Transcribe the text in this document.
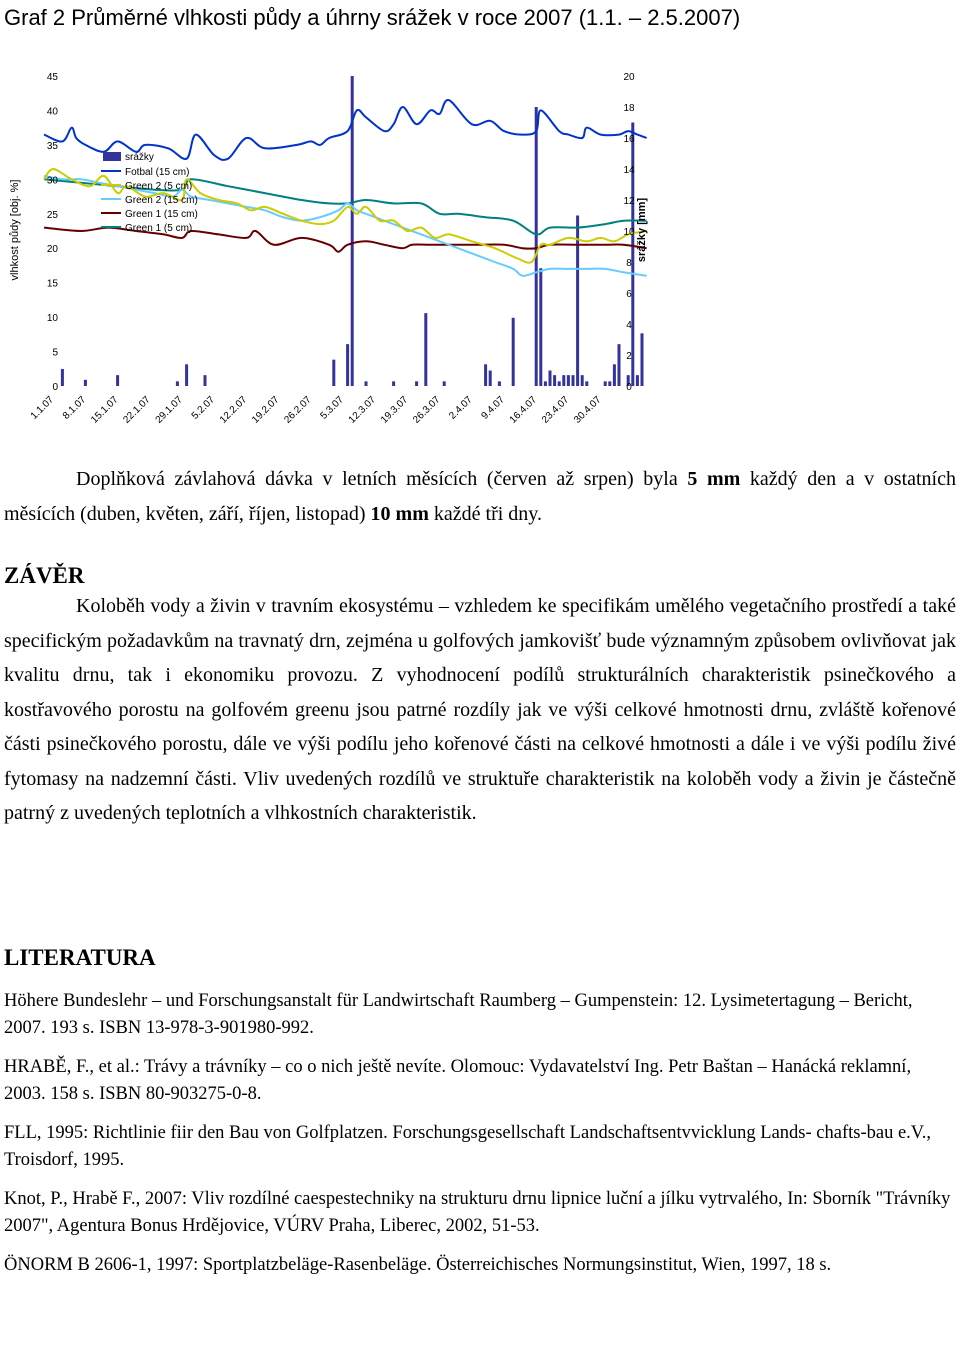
Graf 2 Průměrné vlhkosti půdy a úhrny srážek v roce 2007 (1.1. – 2.5.2007)
0
5
10
15
20
25
30
35
40
45
0
2
4
6
8
10
12
14
16
18
20
1.1.07 8.1.07 15.1.07 22.1.07 29.1.07 5.2.07 12.2.07 19.2.07 26.2.07 5.3.07 12.3.07 19.3.07 26.3.07 2.4.07 9.4.07 16.4.07 23.4.07 30.4.07
vlhkost půdy [obj. %]	srážky [mm]
srážky
Fotbal (15 cm)
Green 2 (5 cm)
Green 2 (15 cm)
Green 1 (15 cm)
Green 1 (5 cm)

Doplňková závlahová dávka v letních měsících (červen až srpen) byla 5 mm každý den a v ostatních měsících (duben, květen, září, říjen, listopad) 10 mm každé tři dny.

ZÁVĚR

Koloběh vody a živin v travním ekosystému – vzhledem ke specifikám umělého vegetačního prostředí a také specifickým požadavkům na travnatý drn, zejména u golfových jamkovišť bude významným způsobem ovlivňovat jak kvalitu drnu, tak i ekonomiku provozu. Z vyhodnocení podílů strukturálních charakteristik psinečkového a kostřavového porostu na golfovém greenu jsou patrné rozdíly jak ve výši celkové hmotnosti drnu, zvláště kořenové části psinečkového porostu, dále ve výši podílu jeho kořenové části na celkové hmotnosti a dále i ve výši podílu živé fytomasy na nadzemní části. Vliv uvedených rozdílů ve struktuře charakteristik na koloběh vody a živin je částečně patrný z uvedených teplotních a vlhkostních charakteristik.

LITERATURA

Höhere Bundeslehr – und Forschungsanstalt für Landwirtschaft Raumberg – Gumpenstein: 12. Lysimetertagung – Bericht, 2007. 193 s. ISBN 13-978-3-901980-992.

HRABĚ, F., et al.: Trávy a trávníky – co o nich ještě nevíte. Olomouc: Vydavatelství Ing. Petr Baštan – Hanácká reklamní, 2003. 158 s. ISBN 80-903275-0-8.

FLL, 1995: Richtlinie fiir den Bau von Golfplatzen. Forschungsgesellschaft Landschaftsentvvicklung Lands- chafts-bau e.V., Troisdorf, 1995.

Knot, P., Hrabě F., 2007: Vliv rozdílné caespestechniky na strukturu drnu lipnice luční a jílku vytrvalého, In: Sborník "Trávníky 2007", Agentura Bonus Hrdějovice, VÚRV Praha, Liberec, 2002, 51-53.

ÖNORM B 2606-1, 1997: Sportplatzbeläge-Rasenbeläge. Österreichisches Normungsinstitut, Wien, 1997, 18 s.
